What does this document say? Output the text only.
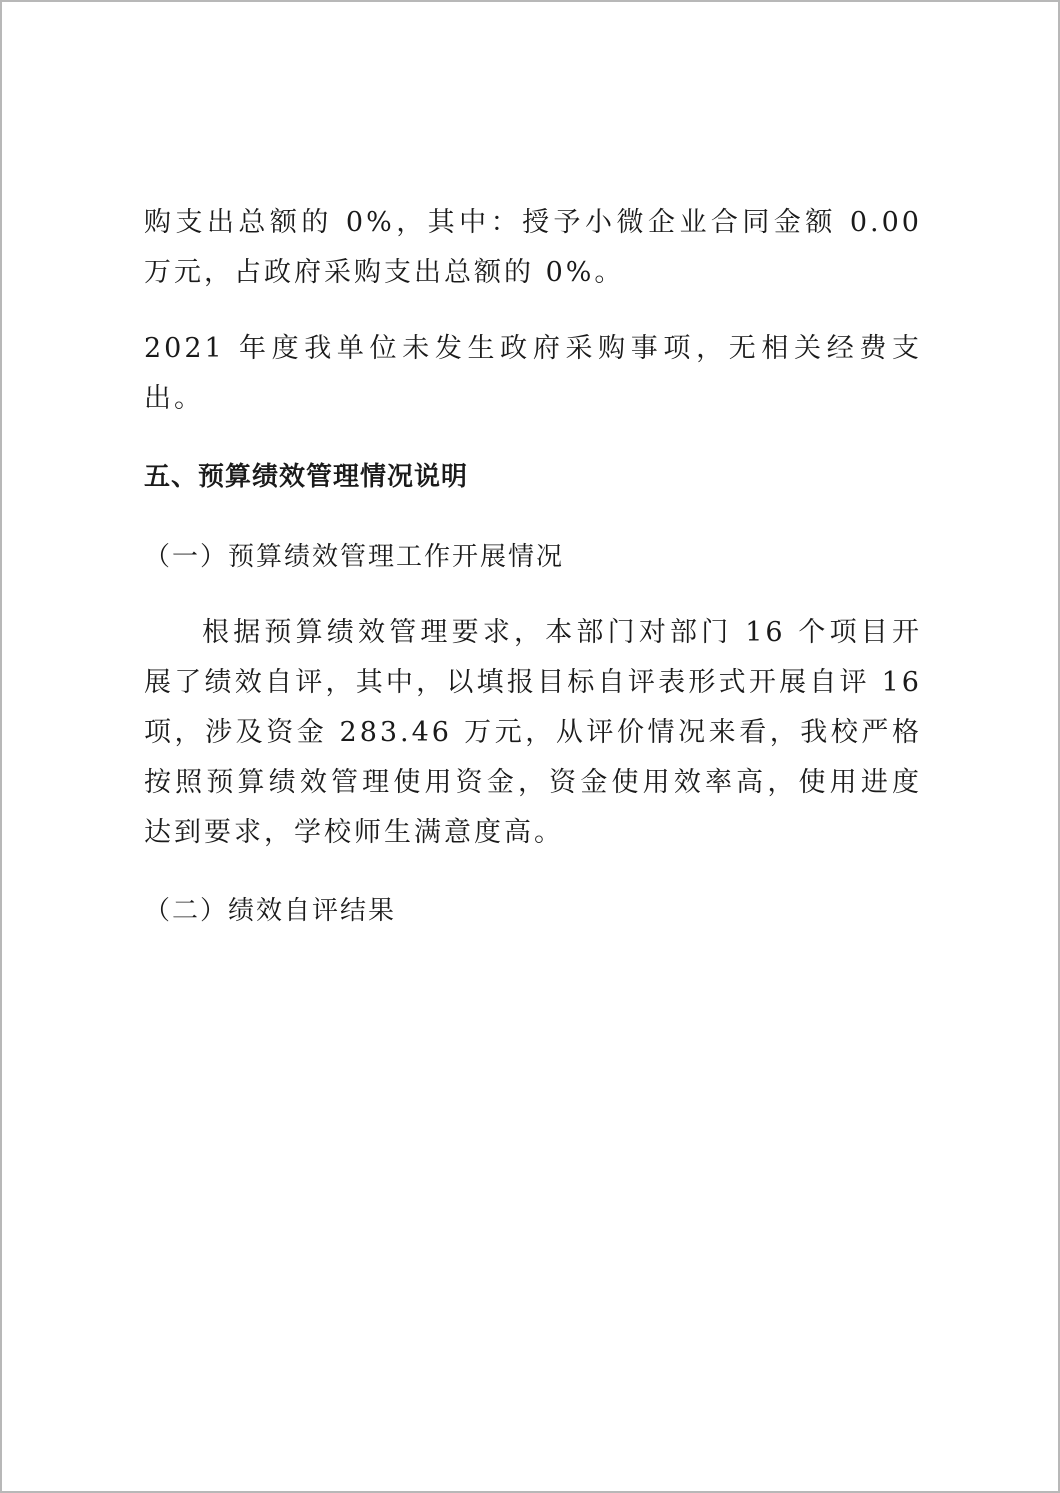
购支出总额的 0%，其中：授予小微企业合同金额 0.00 万元，占政府采购支出总额的 0%。

2021 年度我单位未发生政府采购事项，无相关经费支出。

五、预算绩效管理情况说明

（一）预算绩效管理工作开展情况

根据预算绩效管理要求，本部门对部门 16 个项目开展了绩效自评，其中，以填报目标自评表形式开展自评 16 项，涉及资金 283.46 万元，从评价情况来看，我校严格按照预算绩效管理使用资金，资金使用效率高，使用进度达到要求，学校师生满意度高。

（二）绩效自评结果
